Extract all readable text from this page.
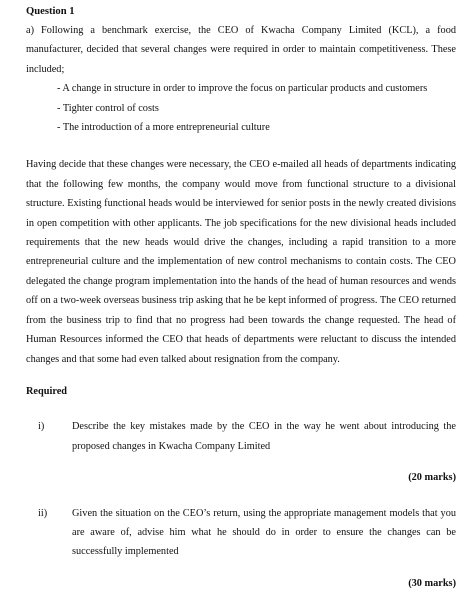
Question 1
a) Following a benchmark exercise, the CEO of Kwacha Company Limited (KCL), a food manufacturer, decided that several changes were required in order to maintain competitiveness. These included;
- A change in structure in order to improve the focus on particular products and customers
- Tighter control of costs
- The introduction of a more entrepreneurial culture
Having decide that these changes were necessary, the CEO e-mailed all heads of departments indicating that the following few months, the company would move from functional structure to a divisional structure. Existing functional heads would be interviewed for senior posts in the newly created divisions in open competition with other applicants. The job specifications for the new divisional heads included requirements that the new heads would drive the changes, including a rapid transition to a more entrepreneurial culture and the implementation of new control mechanisms to contain costs. The CEO delegated the change program implementation into the hands of the head of human resources and wends off on a two-week overseas business trip asking that he be kept informed of progress. The CEO returned from the business trip to find that no progress had been towards the change requested. The head of Human Resources informed the CEO that heads of departments were reluctant to discuss the intended changes and that some had even talked about resignation from the company.
Required
i)	Describe the key mistakes made by the CEO in the way he went about introducing the proposed changes in Kwacha Company Limited
(20 marks)
ii)	Given the situation on the CEO’s return, using the appropriate management models that you are aware of, advise him what he should do in order to ensure the changes can be successfully implemented
(30 marks)
